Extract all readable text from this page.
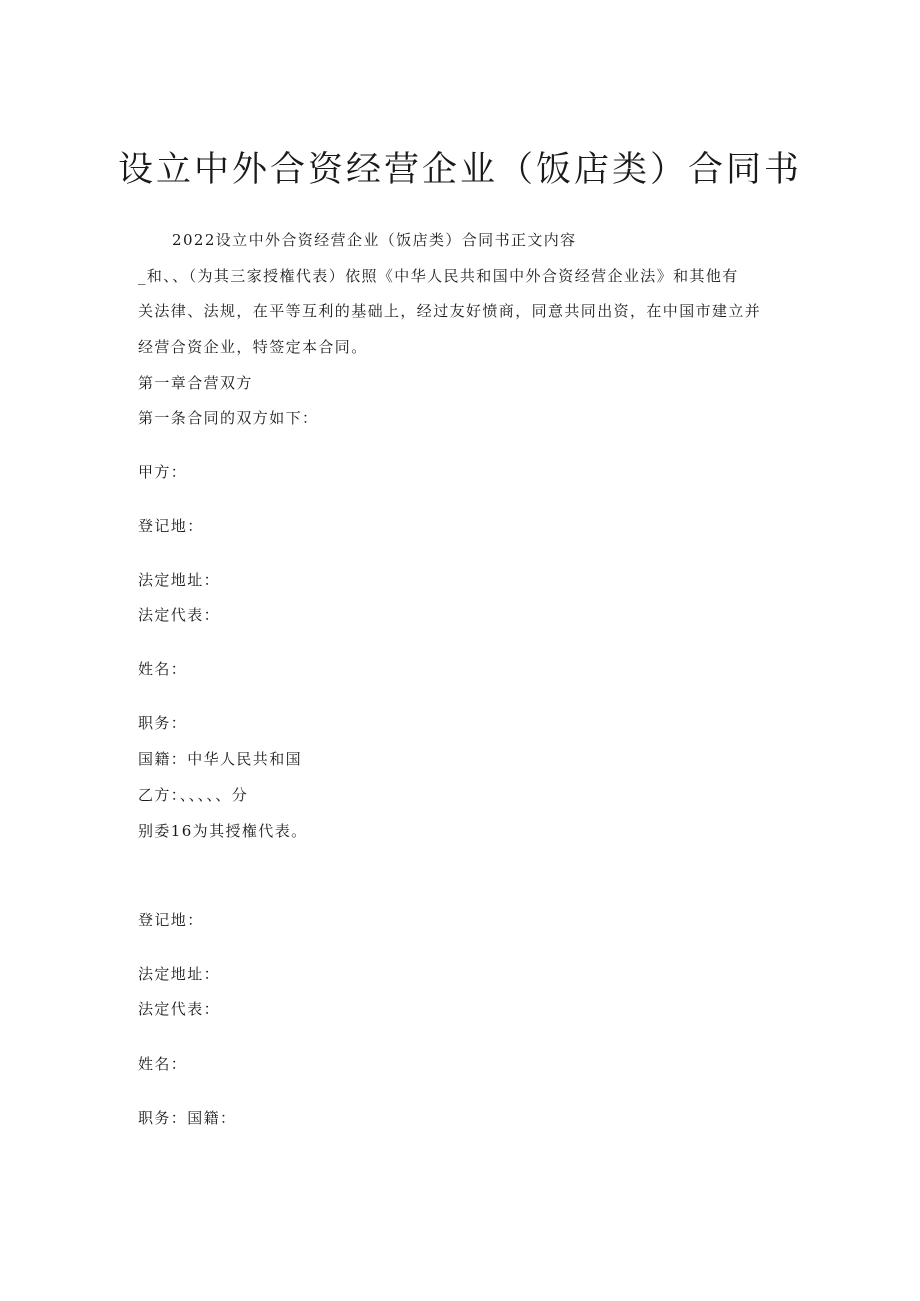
设立中外合资经营企业（饭店类）合同书
2022设立中外合资经营企业（饭店类）合同书正文内容
_和、、（为其三家授権代表）依照《中华人民共和国中外合资经营企业法》和其他有
关法律、法规，在平等互利的基础上，经过友好愤商，同意共同出资，在中国市建立并
经营合资企业，特签定本合同。
第一章合营双方
第一条合同的双方如下：
甲方：
登记地：
法定地址：
法定代表：
姓名：
职务：
国籍：中华人民共和国
乙方：、、、、、分
别委16为其授権代表。
登记地：
法定地址：
法定代表：
姓名：
职务：国籍：
